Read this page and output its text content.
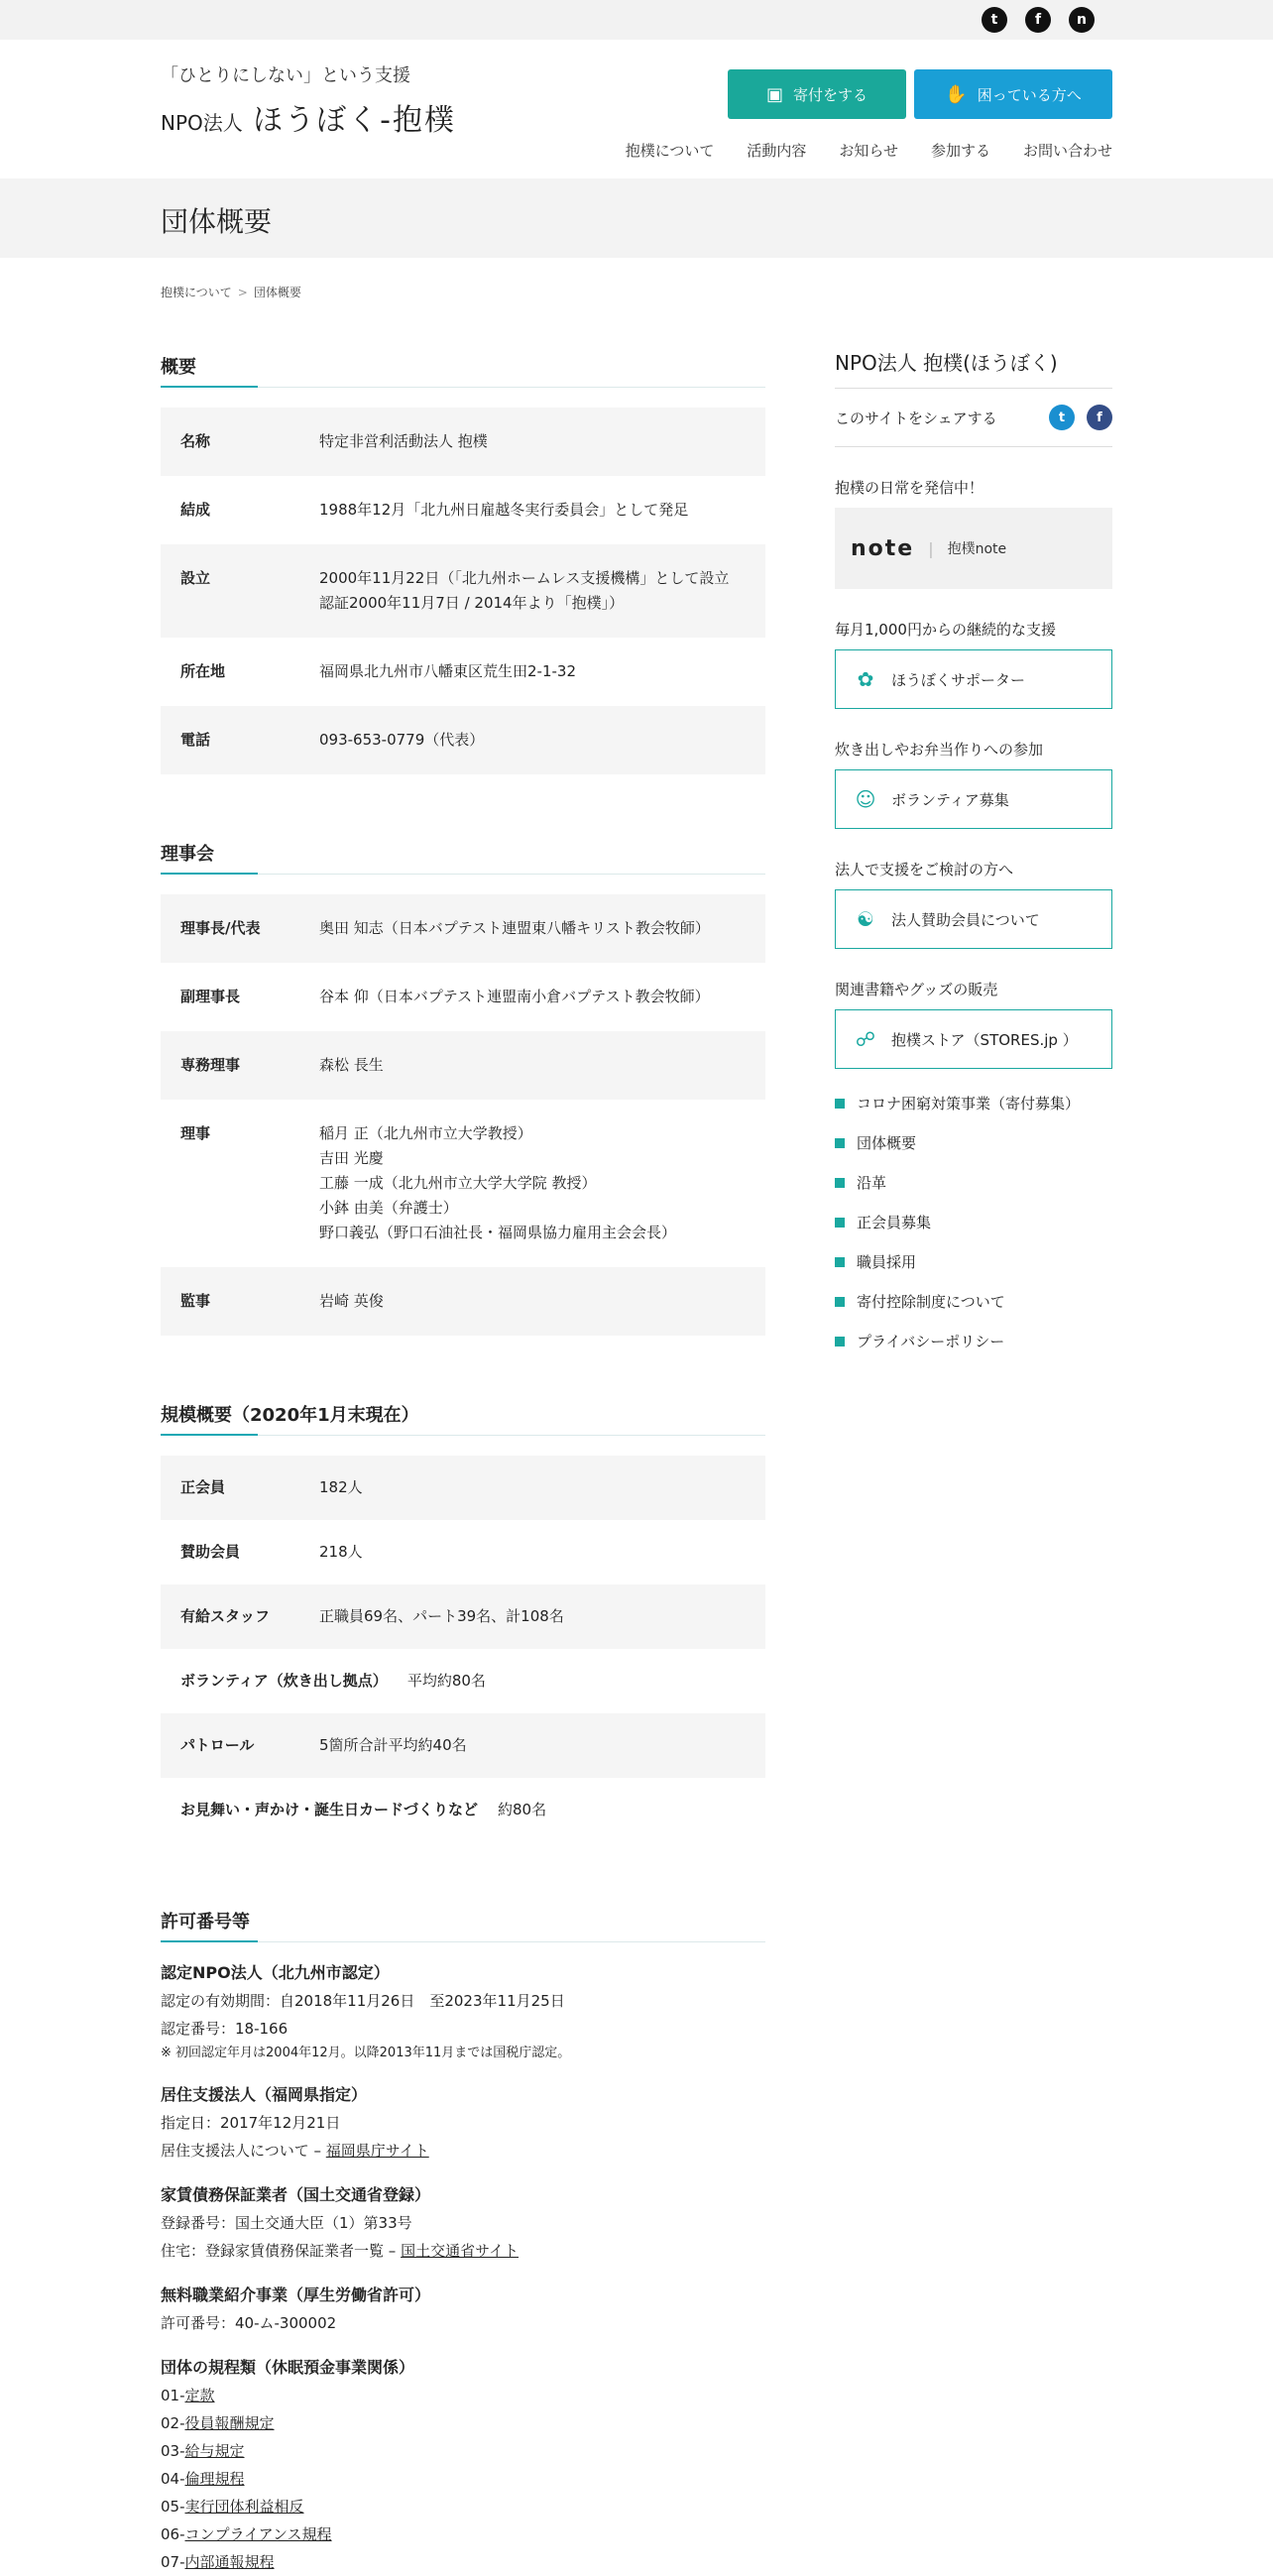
t	f	n
「ひとりにしない」という支援
NPO法人 ほうぼく-抱樸
▣ 寄付をする	✋ 困っている方へ
抱樸について 活動内容 お知らせ 参加する お問い合わせ
団体概要
抱樸について > 団体概要
概要
名称	特定非営利活動法人 抱樸
結成	1988年12月「北九州日雇越冬実行委員会」として発足
設立	2000年11月22日（「北九州ホームレス支援機構」として設立 認証2000年11月7日 / 2014年より「抱樸」）
所在地	福岡県北九州市八幡東区荒生田2-1-32
電話	093-653-0779（代表）
理事会
理事長/代表	奥田 知志（日本バプテスト連盟東八幡キリスト教会牧師）
副理事長	谷本 仰（日本バプテスト連盟南小倉バプテスト教会牧師）
専務理事	森松 長生
理事	稲月 正（北九州市立大学教授）
吉田 光慶
工藤 一成（北九州市立大学大学院 教授）
小鉢 由美（弁護士）
野口義弘（野口石油社長・福岡県協力雇用主会会長）

監事	岩崎 英俊
規模概要（2020年1月末現在）
正会員	182人
賛助会員	218人
有給スタッフ	正職員69名、パート39名、計108名
ボランティア（炊き出し拠点） 平均約80名
パトロール	5箇所合計平均約40名
お見舞い・声かけ・誕生日カードづくりなど 約80名
許可番号等
認定NPO法人（北九州市認定）

認定の有効期間：自2018年11月26日　至2023年11月25日

認定番号：18-166

※ 初回認定年月は2004年12月。以降2013年11月までは国税庁認定。

居住支援法人（福岡県指定）

指定日：2017年12月21日

居住支援法人について – 福岡県庁サイト

家賃債務保証業者（国土交通省登録）

登録番号：国土交通大臣（1）第33号

住宅：登録家賃債務保証業者一覧 – 国土交通省サイト

無料職業紹介事業（厚生労働省許可）

許可番号：40-ム-300002

団体の規程類（休眠預金事業関係）

01-定款

02-役員報酬規定

03-給与規定

04-倫理規程

05-実行団体利益相反

06-コンプライアンス規程

07-内部通報規程

NPO法人 抱樸(ほうぼく)
このサイトをシェアする	t	f
抱樸の日常を発信中！
note | 抱樸note
毎月1,000円からの継続的な支援
✿ ほうぼくサポーター
炊き出しやお弁当作りへの参加
☺ ボランティア募集
法人で支援をご検討の方へ
☯ 法人賛助会員について
関連書籍やグッズの販売
☍ 抱樸ストア（STORES.jp ）
コロナ困窮対策事業（寄付募集）
団体概要
沿革
正会員募集
職員採用
寄付控除制度について
プライバシーポリシー
